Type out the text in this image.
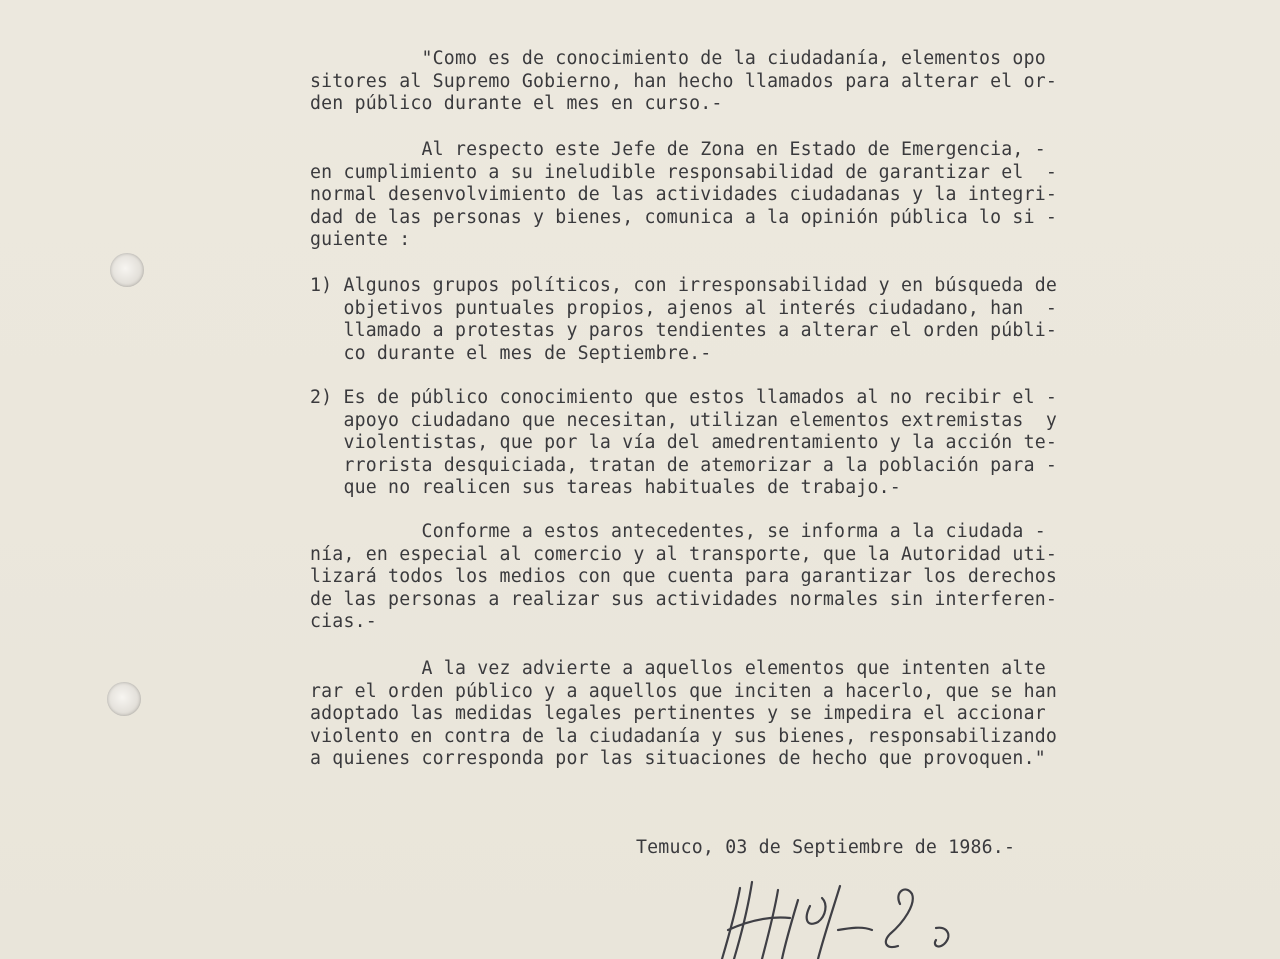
"Como es de conocimiento de la ciudadanía, elementos opo
sitores al Supremo Gobierno, han hecho llamados para alterar el or-
den público durante el mes en curso.-

Al respecto este Jefe de Zona en Estado de Emergencia, -
en cumplimiento a su ineludible responsabilidad de garantizar el  -
normal desenvolvimiento de las actividades ciudadanas y la integri-
dad de las personas y bienes, comunica a la opinión pública lo si -
guiente :

1) Algunos grupos políticos, con irresponsabilidad y en búsqueda de
objetivos puntuales propios, ajenos al interés ciudadano, han  -
llamado a protestas y paros tendientes a alterar el orden públi-
co durante el mes de Septiembre.-

2) Es de público conocimiento que estos llamados al no recibir el -
apoyo ciudadano que necesitan, utilizan elementos extremistas  y
violentistas, que por la vía del amedrentamiento y la acción te-
rrorista desquiciada, tratan de atemorizar a la población para -
que no realicen sus tareas habituales de trabajo.-

Conforme a estos antecedentes, se informa a la ciudada -
nía, en especial al comercio y al transporte, que la Autoridad uti-
lizará todos los medios con que cuenta para garantizar los derechos
de las personas a realizar sus actividades normales sin interferen-
cias.-

A la vez advierte a aquellos elementos que intenten alte
rar el orden público y a aquellos que inciten a hacerlo, que se han
adoptado las medidas legales pertinentes y se impedira el accionar
violento en contra de la ciudadanía y sus bienes, responsabilizando
a quienes corresponda por las situaciones de hecho que provoquen."

Temuco, 03 de Septiembre de 1986.-
